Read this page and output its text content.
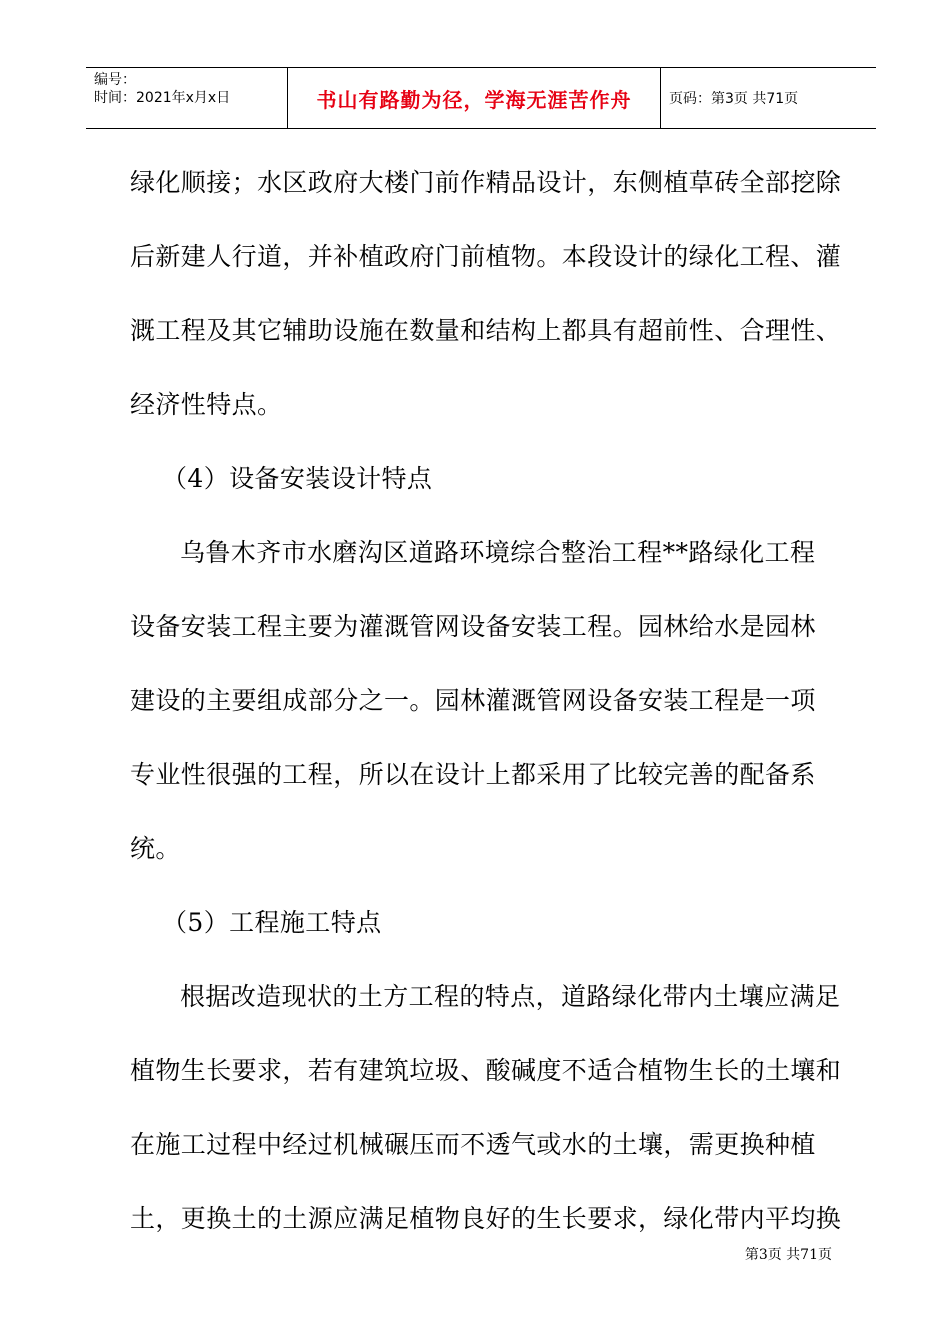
编号：
时间：2021年x月x日	书山有路勤为径，学海无涯苦作舟	页码：第3页 共71页
绿化顺接；水区政府大楼门前作精品设计，东侧植草砖全部挖除
后新建人行道，并补植政府门前植物。本段设计的绿化工程、灌
溉工程及其它辅助设施在数量和结构上都具有超前性、合理性、
经济性特点。
（4）设备安装设计特点
乌鲁木齐市水磨沟区道路环境综合整治工程**路绿化工程
设备安装工程主要为灌溉管网设备安装工程。园林给水是园林
建设的主要组成部分之一。园林灌溉管网设备安装工程是一项
专业性很强的工程，所以在设计上都采用了比较完善的配备系
统。
（5）工程施工特点
根据改造现状的土方工程的特点，道路绿化带内土壤应满足
植物生长要求，若有建筑垃圾、酸碱度不适合植物生长的土壤和
在施工过程中经过机械碾压而不透气或水的土壤，需更换种植
土，更换土的土源应满足植物良好的生长要求，绿化带内平均换
第3页 共71页
